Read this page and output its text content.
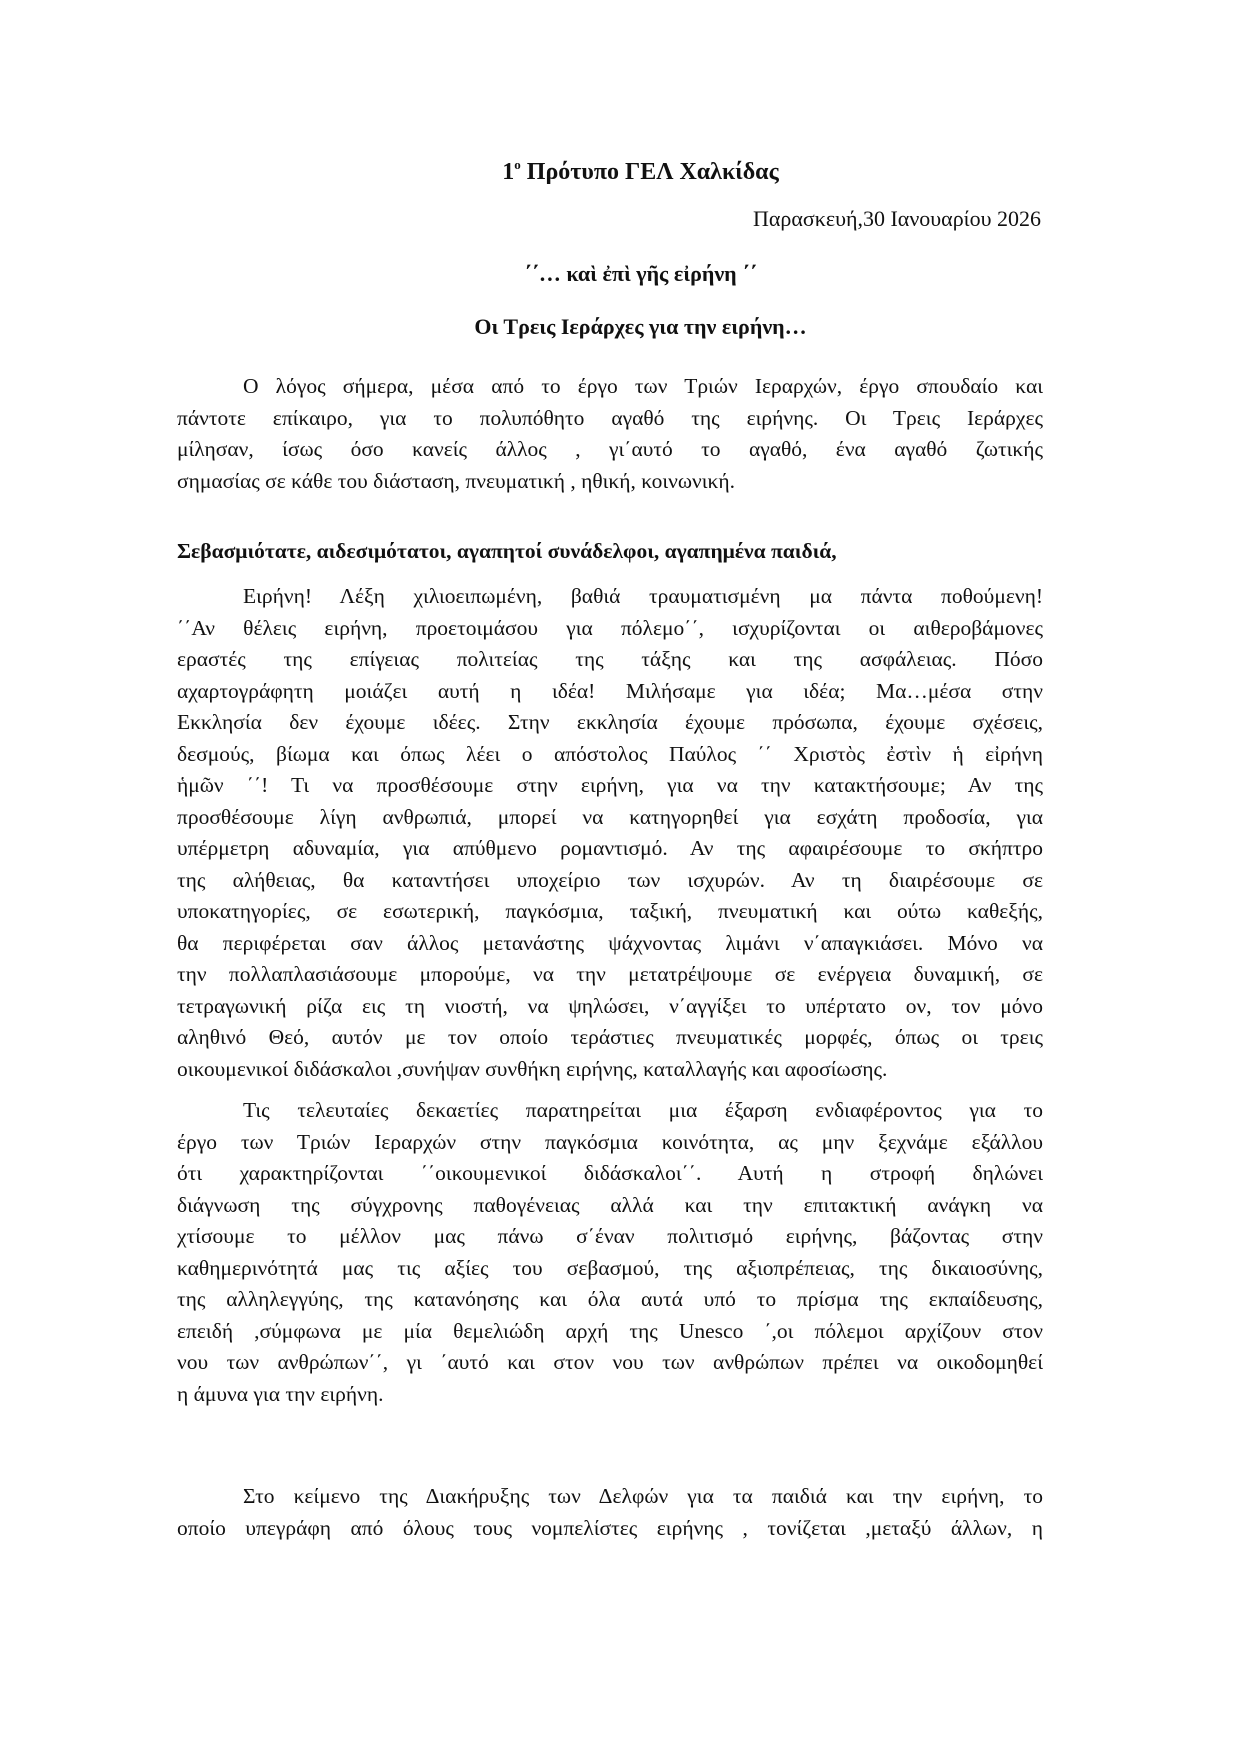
$1^o$ Πρότυπο ΓΕΛ Χαλκίδας
Παρασκευή,30 Ιανουαρίου 2026
΄΄… καὶ ἐπὶ γῆς εἰρήνη ΄΄
Οι Τρεις Ιεράρχες για την ειρήνη…
Ο λόγος σήμερα, μέσα από το έργο των Τριών Ιεραρχών, έργο σπουδαίο και
πάντοτε επίκαιρο, για το πολυπόθητο αγαθό της ειρήνης. Οι Τρεις Ιεράρχες
μίλησαν, ίσως όσο κανείς άλλος , γι΄αυτό το αγαθό, ένα αγαθό ζωτικής
σημασίας σε κάθε του διάσταση, πνευματική , ηθική, κοινωνική.
Σεβασμιότατε, αιδεσιμότατοι, αγαπητοί συνάδελφοι, αγαπημένα παιδιά,
Ειρήνη! Λέξη χιλιοειπωμένη, βαθιά τραυματισμένη μα πάντα ποθούμενη!
΄΄Αν θέλεις ειρήνη, προετοιμάσου για πόλεμο΄΄, ισχυρίζονται οι αιθεροβάμονες
εραστές της επίγειας πολιτείας της τάξης και της ασφάλειας. Πόσο
αχαρτογράφητη μοιάζει αυτή η ιδέα! Μιλήσαμε για ιδέα; Μα…μέσα στην
Εκκλησία δεν έχουμε ιδέες. Στην εκκλησία έχουμε πρόσωπα, έχουμε σχέσεις,
δεσμούς, βίωμα και όπως λέει ο απόστολος Παύλος ΄΄ Χριστὸς ἐστὶν ἡ εἰρήνη
ἡμῶν ΄΄! Τι να προσθέσουμε στην ειρήνη, για να την κατακτήσουμε; Αν της
προσθέσουμε λίγη ανθρωπιά, μπορεί να κατηγορηθεί για εσχάτη προδοσία, για
υπέρμετρη αδυναμία, για απύθμενο ρομαντισμό. Αν της αφαιρέσουμε το σκήπτρο
της αλήθειας, θα καταντήσει υποχείριο των ισχυρών. Αν τη διαιρέσουμε σε
υποκατηγορίες, σε εσωτερική, παγκόσμια, ταξική, πνευματική και ούτω καθεξής,
θα περιφέρεται σαν άλλος μετανάστης ψάχνοντας λιμάνι ν΄απαγκιάσει. Μόνο να
την πολλαπλασιάσουμε μπορούμε, να την μετατρέψουμε σε ενέργεια δυναμική, σε
τετραγωνική ρίζα εις τη νιοστή, να ψηλώσει, ν΄αγγίξει το υπέρτατο ον, τον μόνο
αληθινό Θεό, αυτόν με τον οποίο τεράστιες πνευματικές μορφές, όπως οι τρεις
οικουμενικοί διδάσκαλοι ,συνήψαν συνθήκη ειρήνης, καταλλαγής και αφοσίωσης.
Τις τελευταίες δεκαετίες παρατηρείται μια έξαρση ενδιαφέροντος για το
έργο των Τριών Ιεραρχών στην παγκόσμια κοινότητα, ας μην ξεχνάμε εξάλλου
ότι χαρακτηρίζονται ΄΄οικουμενικοί διδάσκαλοι΄΄. Αυτή η στροφή δηλώνει
διάγνωση της σύγχρονης παθογένειας αλλά και την επιτακτική ανάγκη να
χτίσουμε το μέλλον μας πάνω σ΄έναν πολιτισμό ειρήνης, βάζοντας στην
καθημερινότητά μας τις αξίες του σεβασμού, της αξιοπρέπειας, της δικαιοσύνης,
της αλληλεγγύης, της κατανόησης και όλα αυτά υπό το πρίσμα της εκπαίδευσης,
επειδή ,σύμφωνα με μία θεμελιώδη αρχή της Unesco ΄,οι πόλεμοι αρχίζουν στον
νου των ανθρώπων΄΄, γι ΄αυτό και στον νου των ανθρώπων πρέπει να οικοδομηθεί
η άμυνα για την ειρήνη.
Στο κείμενο της Διακήρυξης των Δελφών για τα παιδιά και την ειρήνη, το
οποίο υπεγράφη από όλους τους νομπελίστες ειρήνης , τονίζεται ,μεταξύ άλλων, η
